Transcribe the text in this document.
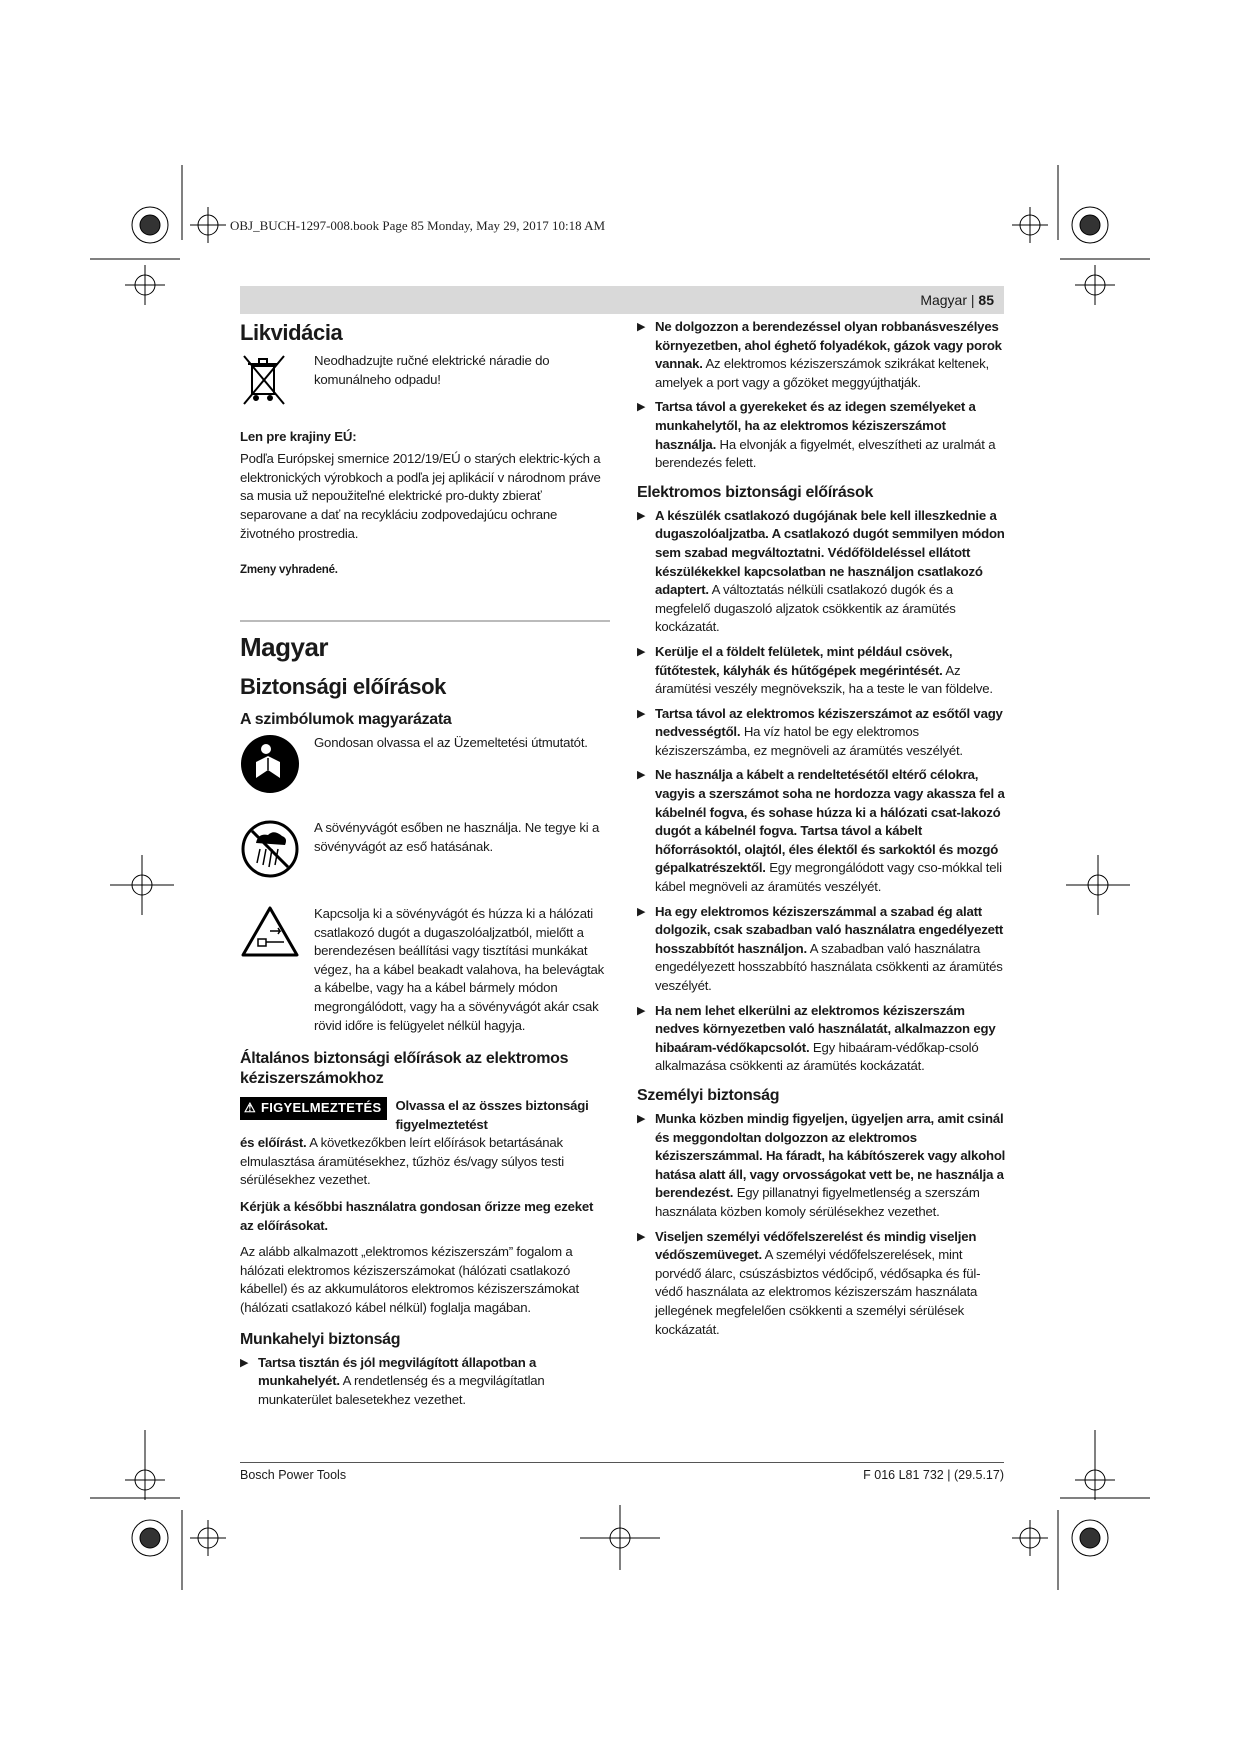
OBJ_BUCH-1297-008.book Page 85 Monday, May 29, 2017 10:18 AM
Magyar | 85
Likvidácia
Neodhadzujte ručné elektrické náradie do komunálneho odpadu!

Len pre krajiny EÚ:

Podľa Európskej smernice 2012/19/EÚ o starých elektric-kých a elektronických výrobkoch a podľa jej aplikácií v národnom práve sa musia už nepoužiteľné elektrické pro-dukty zbierať separovane a dať na recykláciu zodpovedajúcu ochrane životného prostredia.

Zmeny vyhradené.

Magyar
Biztonsági előírások
A szimbólumok magyarázata
Gondosan olvassa el az Üzemeltetési útmutatót.
A sövényvágót esőben ne használja. Ne tegye ki a sövényvágót az eső hatásának.
Kapcsolja ki a sövényvágót és húzza ki a hálózati csatlakozó dugót a dugaszolóaljzatból, mielőtt a berendezésen beállítási vagy tisztítási munkákat végez, ha a kábel beakadt valahova, ha belevágtak a kábelbe, vagy ha a kábel bármely módon megrongálódott, vagy ha a sövényvágót akár csak rövid időre is felügyelet nélkül hagyja.
Általános biztonsági előírások az elektromos kéziszerszámokhoz
⚠ FIGYELMEZTETÉS Olvassa el az összes biztonsági figyelmeztetést

és előírást. A következőkben leírt előírások betartásának elmulasztása áramütésekhez, tűzhöz és/vagy súlyos testi sérülésekhez vezethet.

Kérjük a későbbi használatra gondosan őrizze meg ezeket az előírásokat.

Az alább alkalmazott „elektromos kéziszerszám” fogalom a hálózati elektromos kéziszerszámokat (hálózati csatlakozó kábellel) és az akkumulátoros elektromos kéziszerszámokat (hálózati csatlakozó kábel nélkül) foglalja magában.

Munkahelyi biztonság
▶ Tartsa tisztán és jól megvilágított állapotban a munkahelyét. A rendetlenség és a megvilágítatlan munkaterület balesetekhez vezethet.
▶ Ne dolgozzon a berendezéssel olyan robbanásveszélyes környezetben, ahol éghető folyadékok, gázok vagy porok vannak. Az elektromos kéziszerszámok szikrákat keltenek, amelyek a port vagy a gőzöket meggyújthatják.
▶ Tartsa távol a gyerekeket és az idegen személyeket a munkahelytől, ha az elektromos kéziszerszámot használja. Ha elvonják a figyelmét, elveszítheti az uralmát a berendezés felett.
Elektromos biztonsági előírások
▶ A készülék csatlakozó dugójának bele kell illeszkednie a dugaszolóaljzatba. A csatlakozó dugót semmilyen módon sem szabad megváltoztatni. Védőföldeléssel ellátott készülékekkel kapcsolatban ne használjon csatlakozó adaptert. A változtatás nélküli csatlakozó dugók és a megfelelő dugaszoló aljzatok csökkentik az áramütés kockázatát.
▶ Kerülje el a földelt felületek, mint például csövek, fűtőtestek, kályhák és hűtőgépek megérintését. Az áramütési veszély megnövekszik, ha a teste le van földelve.
▶ Tartsa távol az elektromos kéziszerszámot az esőtől vagy nedvességtől. Ha víz hatol be egy elektromos kéziszerszámba, ez megnöveli az áramütés veszélyét.
▶ Ne használja a kábelt a rendeltetésétől eltérő célokra, vagyis a szerszámot soha ne hordozza vagy akassza fel a kábelnél fogva, és sohase húzza ki a hálózati csat-lakozó dugót a kábelnél fogva. Tartsa távol a kábelt hőforrásoktól, olajtól, éles élektől és sarkoktól és mozgó gépalkatrészektől. Egy megrongálódott vagy cso-mókkal teli kábel megnöveli az áramütés veszélyét.
▶ Ha egy elektromos kéziszerszámmal a szabad ég alatt dolgozik, csak szabadban való használatra engedélyezett hosszabbítót használjon. A szabadban való használatra engedélyezett hosszabbító használata csökkenti az áramütés veszélyét.
▶ Ha nem lehet elkerülni az elektromos kéziszerszám nedves környezetben való használatát, alkalmazzon egy hibaáram-védőkapcsolót. Egy hibaáram-védőkap-csoló alkalmazása csökkenti az áramütés kockázatát.
Személyi biztonság
▶ Munka közben mindig figyeljen, ügyeljen arra, amit csinál és meggondoltan dolgozzon az elektromos kéziszerszámmal. Ha fáradt, ha kábítószerek vagy alkohol hatása alatt áll, vagy orvosságokat vett be, ne használja a berendezést. Egy pillanatnyi figyelmetlenség a szerszám használata közben komoly sérülésekhez vezethet.
▶ Viseljen személyi védőfelszerelést és mindig viseljen védőszemüveget. A személyi védőfelszerelések, mint porvédő álarc, csúszásbiztos védőcipő, védősapka és fül-védő használata az elektromos kéziszerszám használata jellegének megfelelően csökkenti a személyi sérülések kockázatát.
Bosch Power Tools	F 016 L81 732 | (29.5.17)
